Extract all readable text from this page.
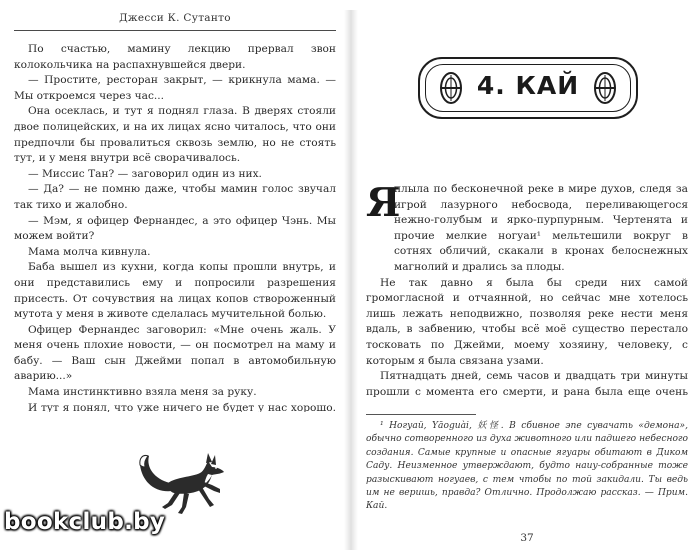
Джесси К. Сутанто

По счастью, мамину лекцию прервал звон колокольчика на распахнувшейся двери.

— Простите, ресторан закрыт, — крикнула мама. — Мы откроемся через час...

Она осеклась, и тут я поднял глаза. В дверях стояли двое полицейских, и на их лицах ясно читалось, что они предпочли бы провалиться сквозь землю, но не стоять тут, и у меня внутри всё сворачивалось.

— Миссис Тан? — заговорил один из них.

— Да? — не помню даже, чтобы мамин голос звучал так тихо и жалобно.

— Мэм, я офицер Фернандес, а это офицер Чэнь. Мы можем войти?

Мама молча кивнула.

Баба вышел из кухни, когда копы прошли внутрь, и они представились ему и попросили разрешения присесть. От сочувствия на лицах копов створоженный мутота у меня в животе сделалась мучительной болью.

Офицер Фернандес заговорил: «Мне очень жаль. У меня очень плохие новости, — он посмотрел на маму и бабу. — Ваш сын Джейми попал в автомобильную аварию...»

Мама инстинктивно взяла меня за руку.

И тут я понял, что уже ничего не будет у нас хорошо.

4. КАЙ

Я
плыла по бесконечной реке в мире духов, следя за игрой лазурного небосвода, переливающегося нежно-голубым и ярко-пурпурным. Чертенята и прочие мелкие ногуаи¹ мельтешили вокруг в сотнях обличий, скакали в кронах белоснежных магнолий и дрались за плоды.

Не так давно я была бы среди них самой громогласной и отчаянной, но сейчас мне хотелось лишь лежать неподвижно, позволяя реке нести меня вдаль, в забвению, чтобы всё моё существо перестало тосковать по Джейми, моему хозяину, человеку, с которым я была связана узами.

Пятнадцать дней, семь часов и двадцать три минуты прошли с момента его смерти, и рана была еще очень

¹ Ногуай, Yāoguài, 妖怪. В сбивное эпе сувачать «демона», обычно сотворенного из духа животного или падшего небесного создания. Самые крупные и опасные ягуары обитают в Диком Саду. Неизменное утверждают, будто наиу-собранные тоже разыскивают ногуаев, с тем чтобы по той закидали. Ты ведь им не веришь, правда? Отлично. Продолжаю рассказ. — Прим. Кай.
37
bookclub.by
